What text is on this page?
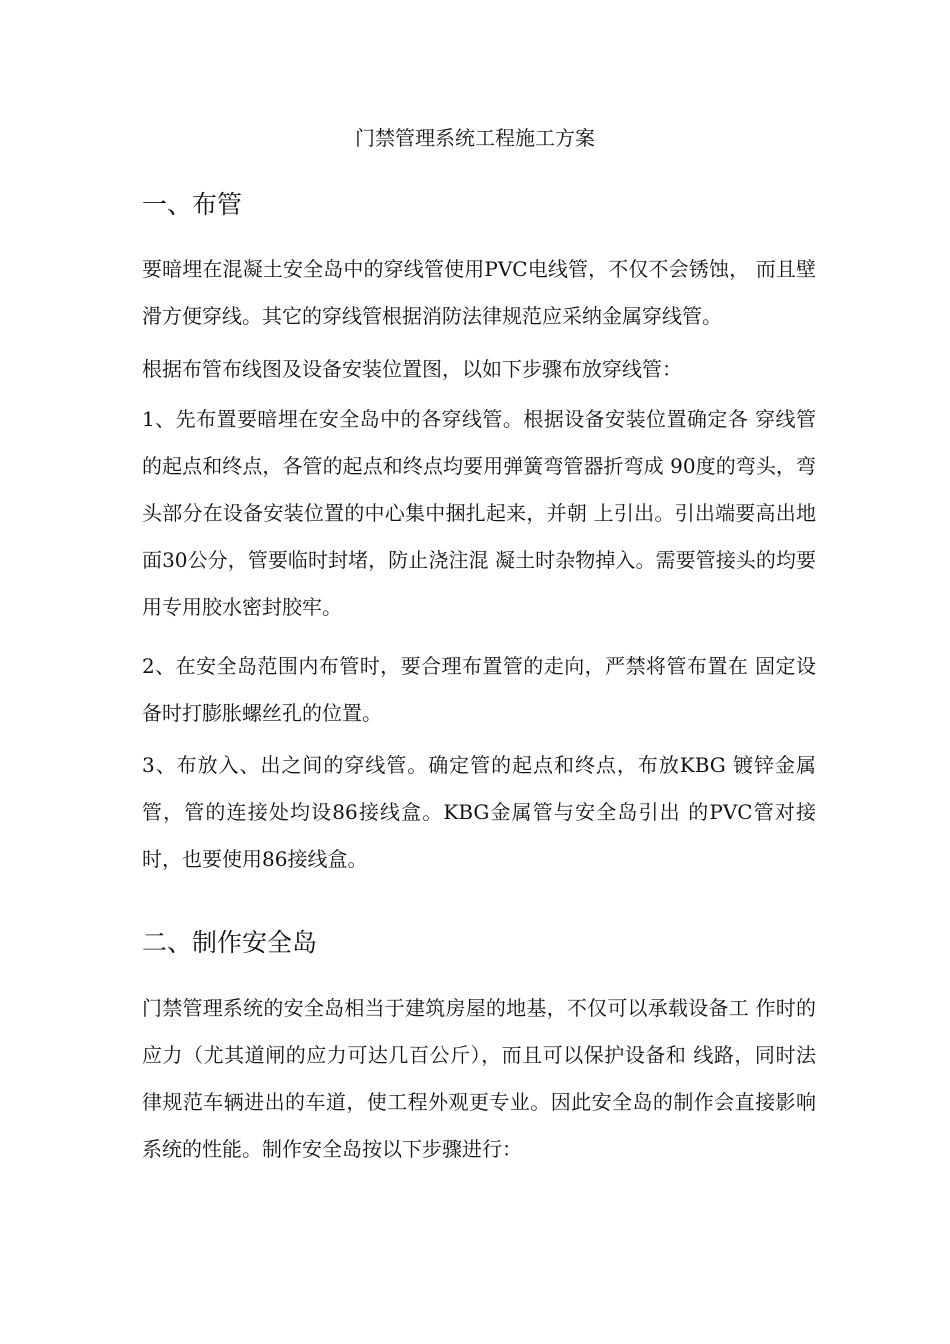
门禁管理系统工程施工方案
一、布管

要暗埋在混凝土安全岛中的穿线管使用PVC电线管，不仅不会锈蚀， 而且壁滑方便穿线。其它的穿线管根据消防法律规范应采纳金属穿线管。

根据布管布线图及设备安装位置图，以如下步骤布放穿线管：

1、先布置要暗埋在安全岛中的各穿线管。根据设备安装位置确定各 穿线管的起点和终点，各管的起点和终点均要用弹簧弯管器折弯成 90度的弯头，弯头部分在设备安装位置的中心集中捆扎起来，并朝 上引出。引出端要高出地面30公分，管要临时封堵，防止浇注混 凝土时杂物掉入。需要管接头的均要用专用胶水密封胶牢。

2、在安全岛范围内布管时，要合理布置管的走向，严禁将管布置在 固定设备时打膨胀螺丝孔的位置。

3、布放入、出之间的穿线管。确定管的起点和终点，布放KBG 镀锌金属管，管的连接处均设86接线盒。KBG金属管与安全岛引出 的PVC管对接时，也要使用86接线盒。

二、制作安全岛

门禁管理系统的安全岛相当于建筑房屋的地基，不仅可以承载设备工 作时的应力（尤其道闸的应力可达几百公斤），而且可以保护设备和 线路，同时法律规范车辆进出的车道，使工程外观更专业。因此安全岛的制作会直接影响系统的性能。制作安全岛按以下步骤进行：
